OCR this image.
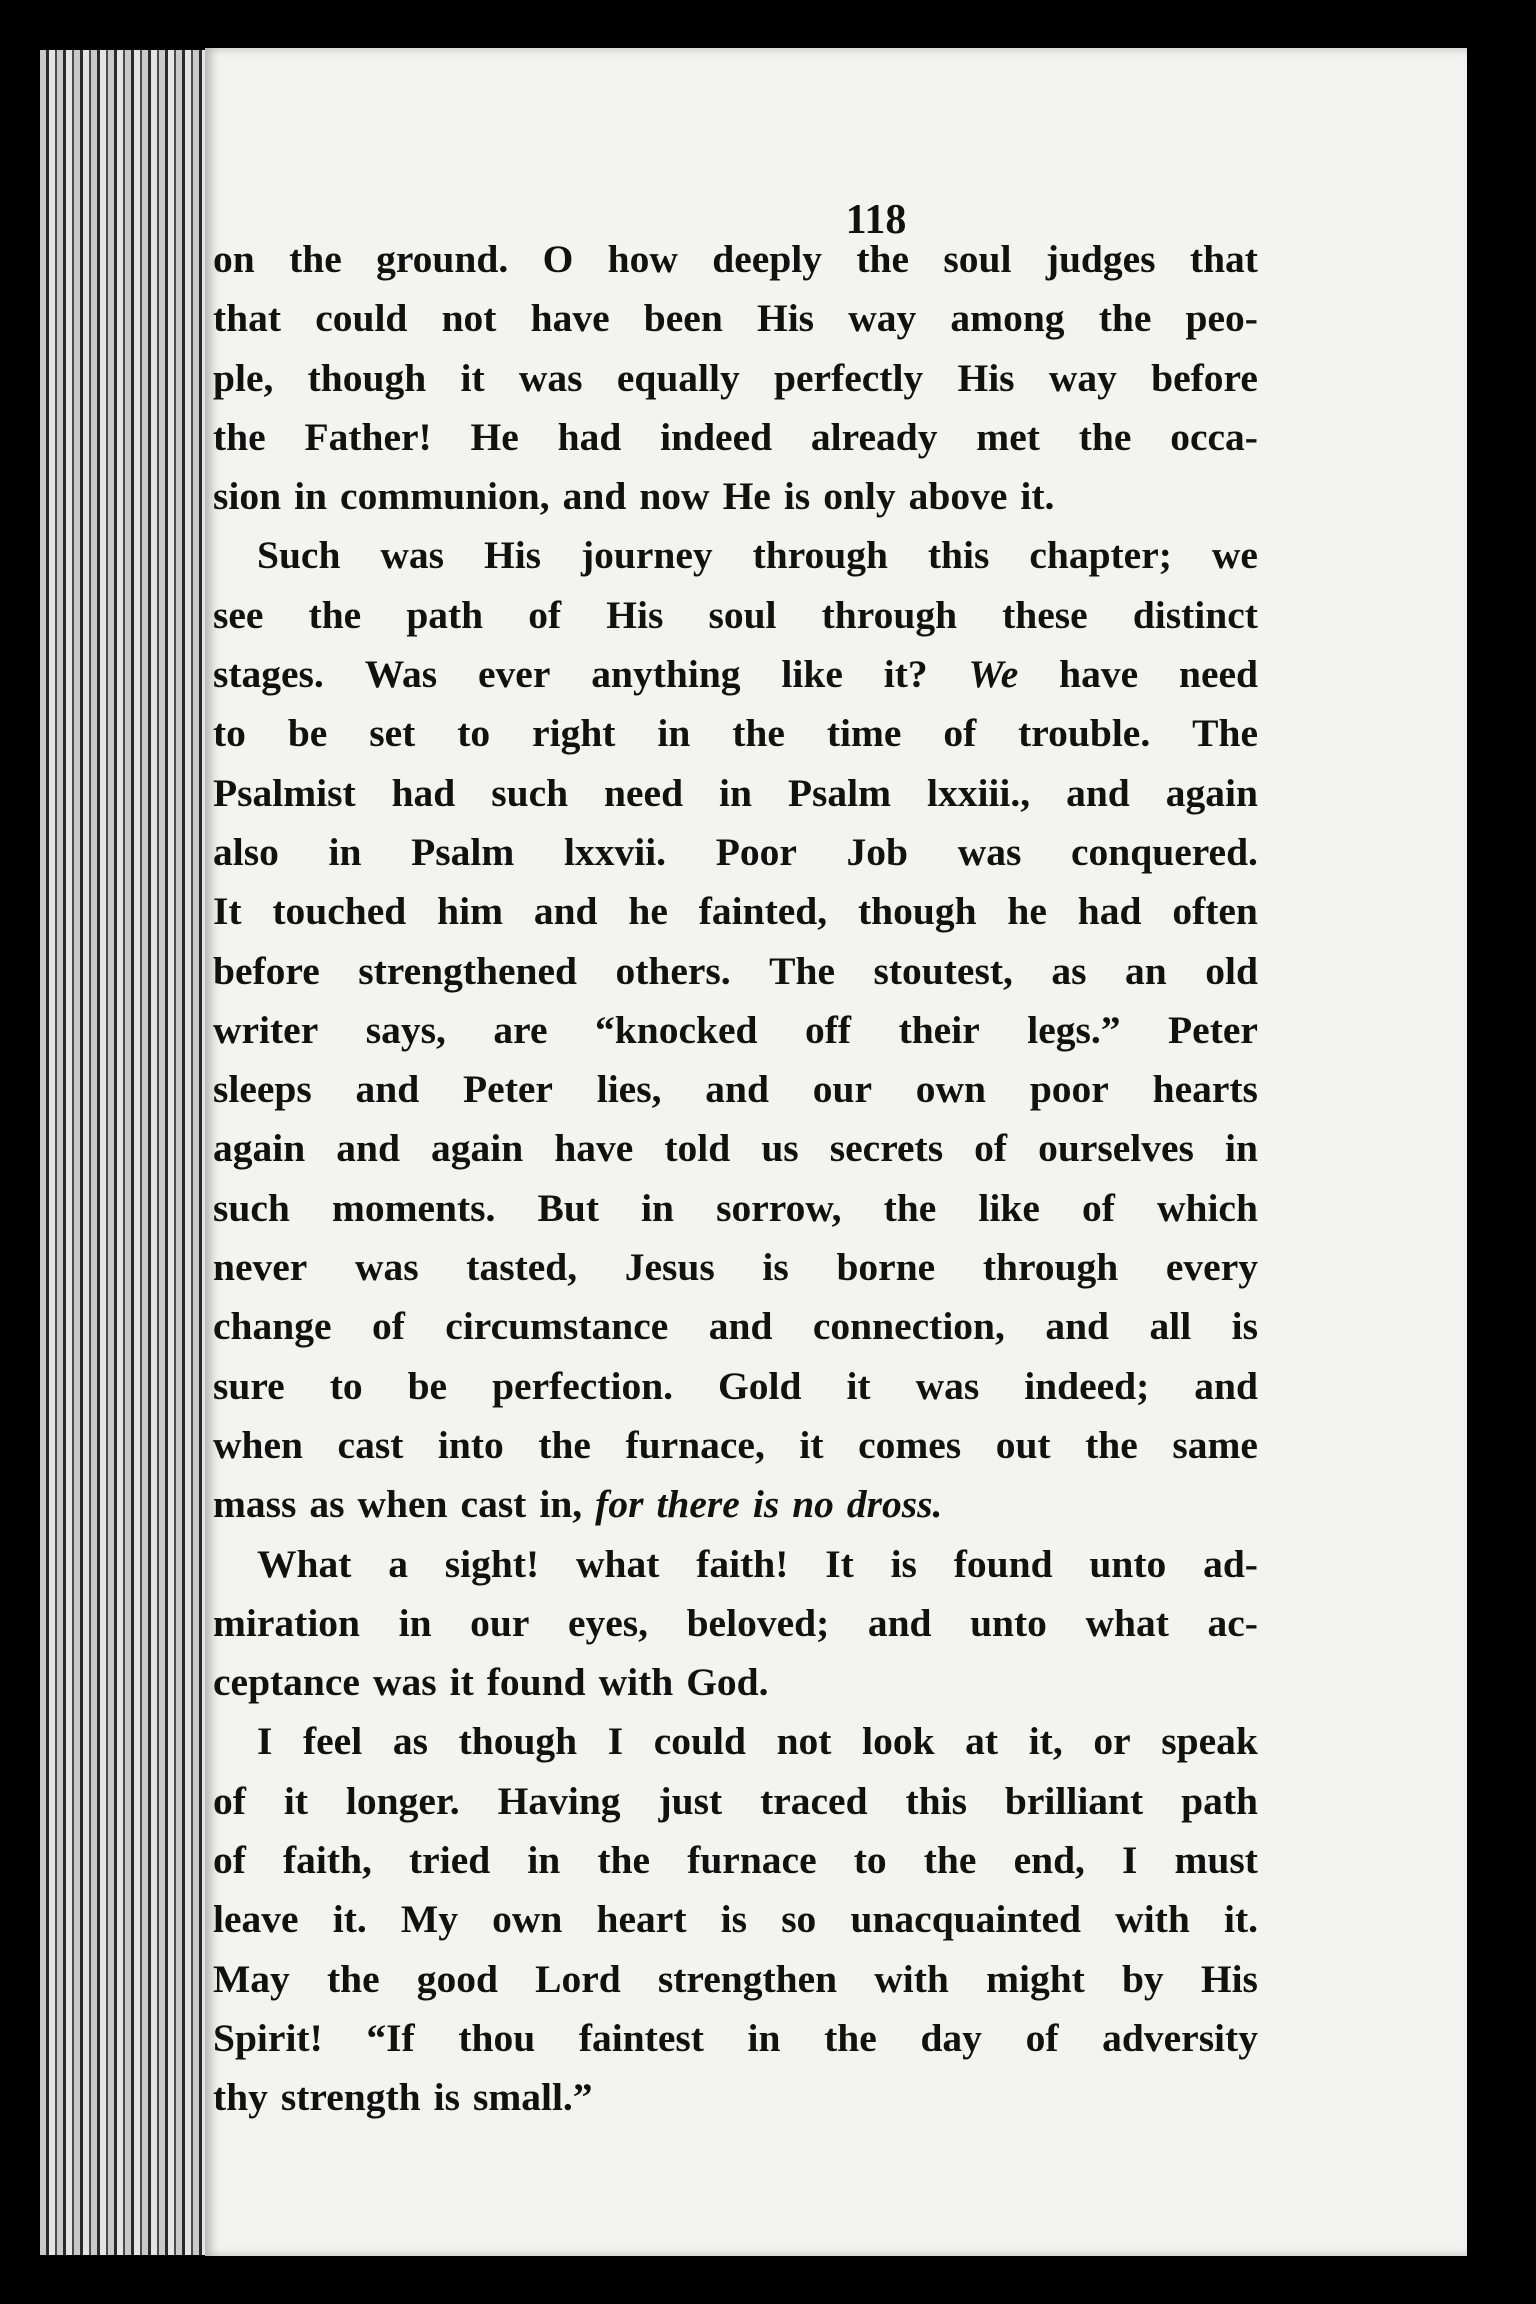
118
on the ground. O how deeply the soul judges that
that could not have been His way among the peo-
ple, though it was equally perfectly His way before
the Father! He had indeed already met the occa-
sion in communion, and now He is only above it.
Such was His journey through this chapter; we
see the path of His soul through these distinct
stages. Was ever anything like it? We have need
to be set to right in the time of trouble. The
Psalmist had such need in Psalm lxxiii., and again
also in Psalm lxxvii. Poor Job was conquered.
It touched him and he fainted, though he had often
before strengthened others. The stoutest, as an old
writer says, are “knocked off their legs.” Peter
sleeps and Peter lies, and our own poor hearts
again and again have told us secrets of ourselves in
such moments. But in sorrow, the like of which
never was tasted, Jesus is borne through every
change of circumstance and connection, and all is
sure to be perfection. Gold it was indeed; and
when cast into the furnace, it comes out the same
mass as when cast in, for there is no dross.
What a sight! what faith! It is found unto ad-
miration in our eyes, beloved; and unto what ac-
ceptance was it found with God.
I feel as though I could not look at it, or speak
of it longer. Having just traced this brilliant path
of faith, tried in the furnace to the end, I must
leave it. My own heart is so unacquainted with it.
May the good Lord strengthen with might by His
Spirit! “If thou faintest in the day of adversity
thy strength is small.”
